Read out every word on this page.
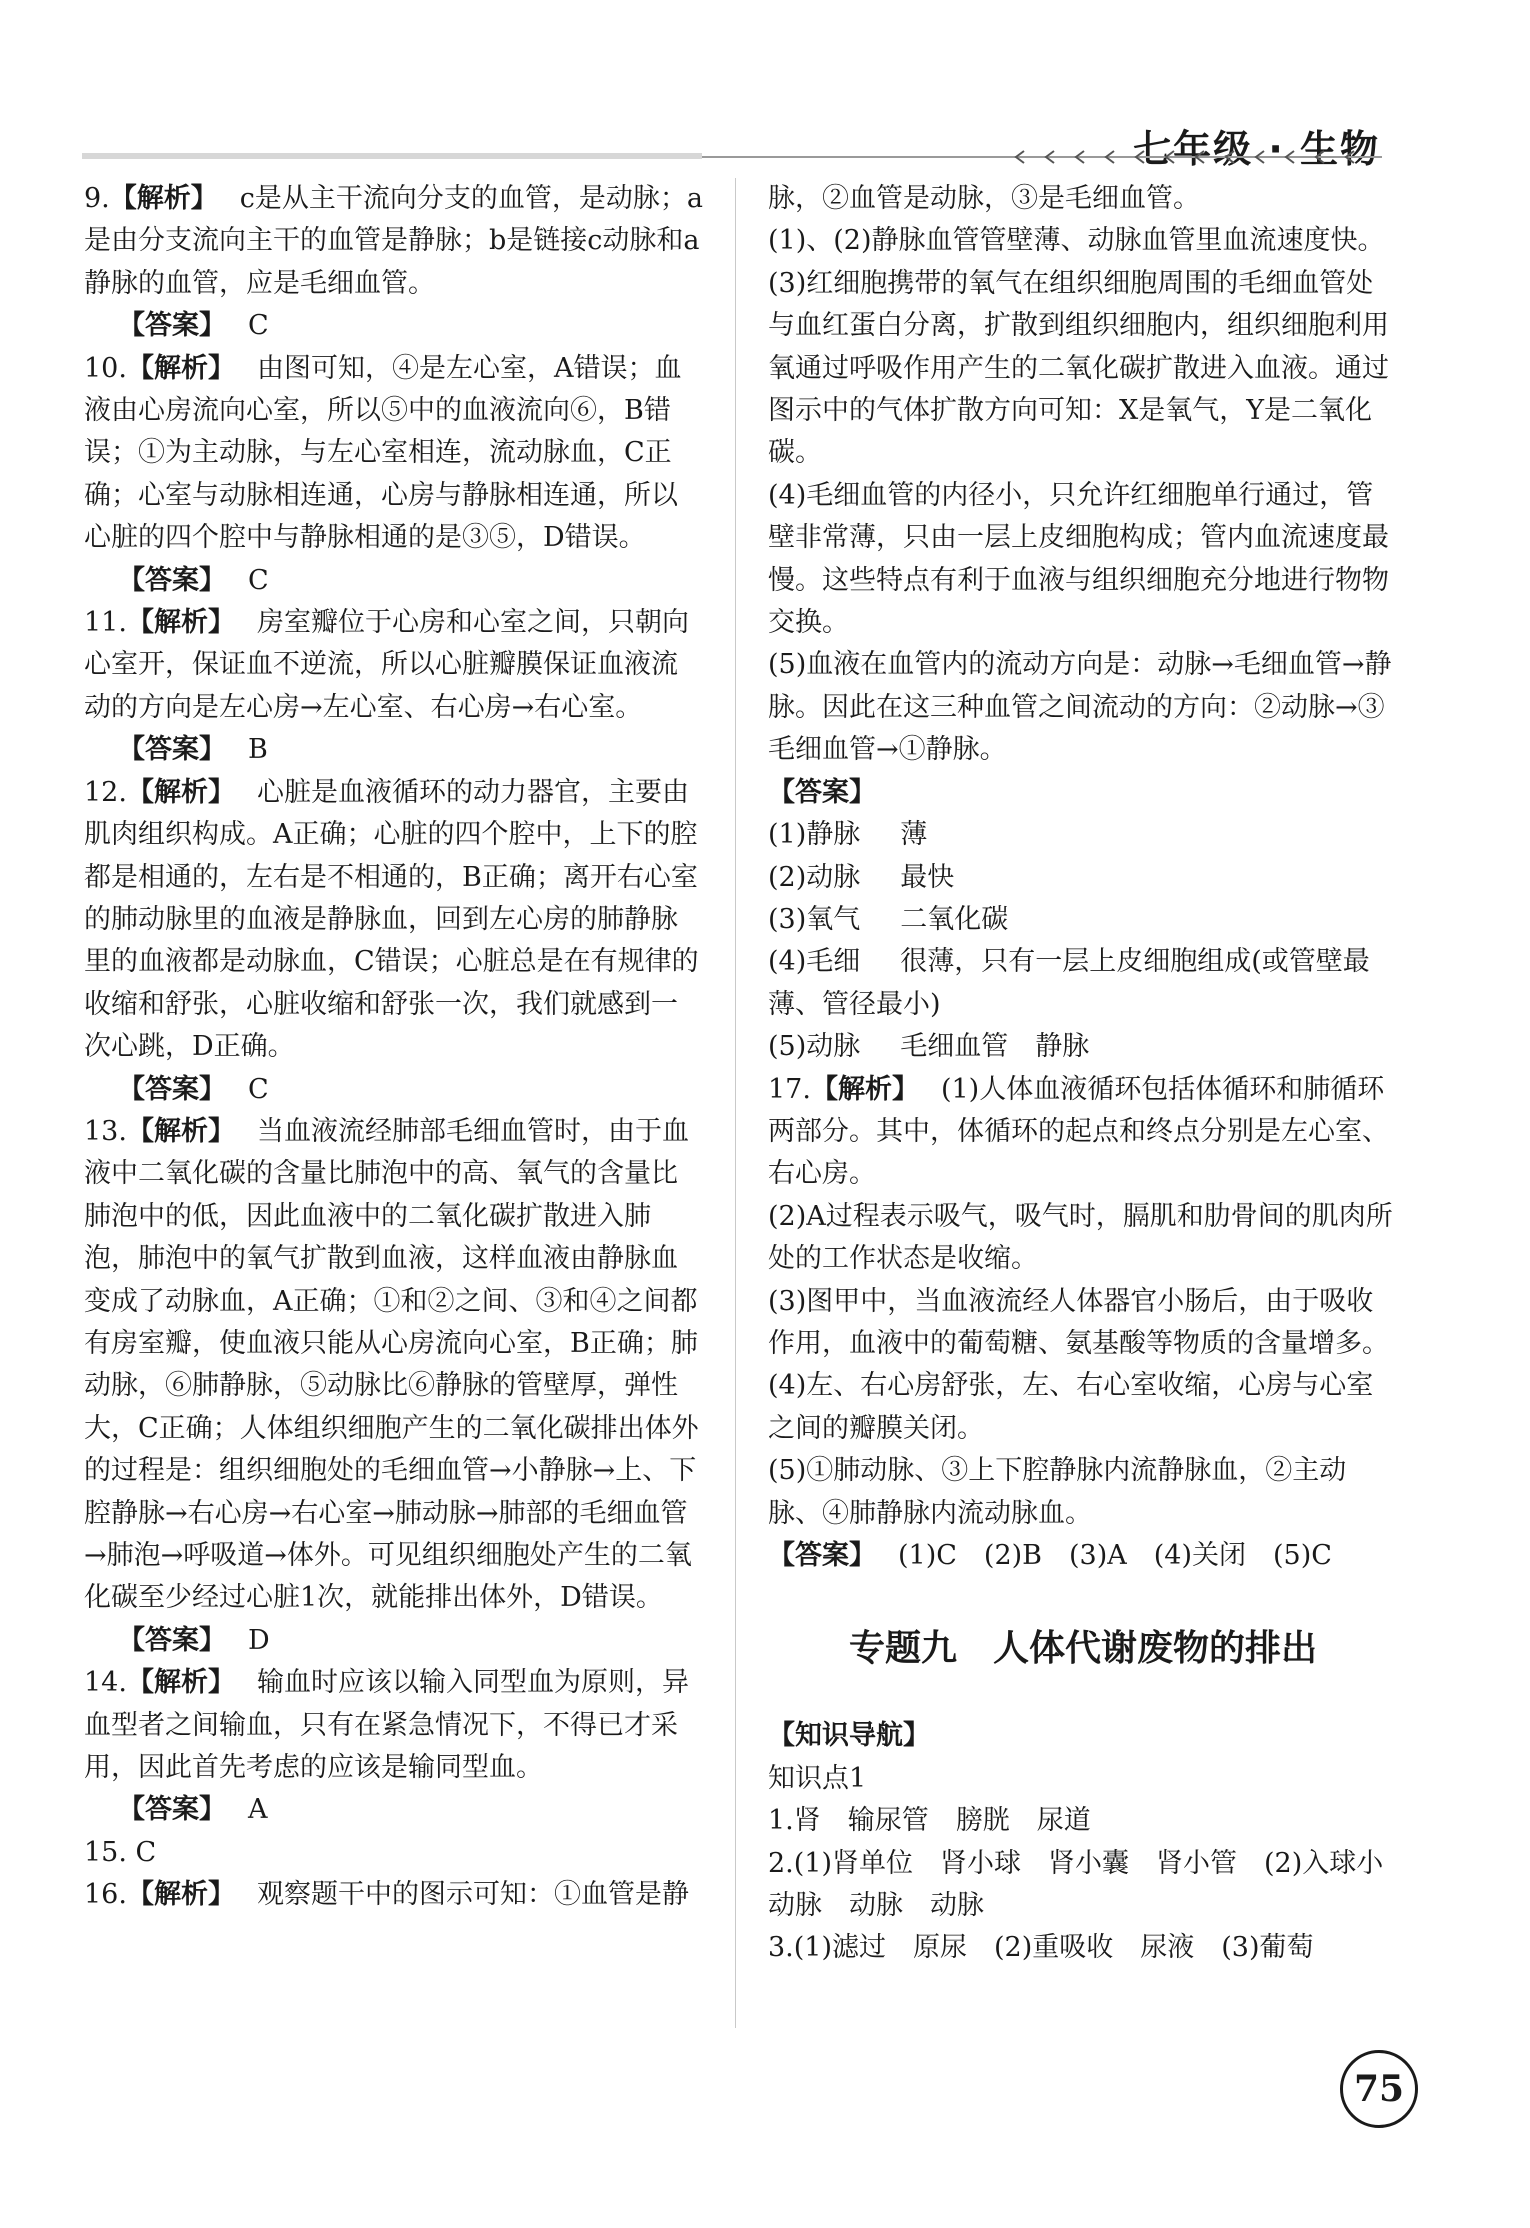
七年级 · 生物
9.【解析】 c是从主干流向分支的血管，是动脉；a是由分支流向主干的血管是静脉；b是链接c动脉和a静脉的血管，应是毛细血管。
【答案】 C
10.【解析】 由图可知，④是左心室，A错误；血液由心房流向心室，所以⑤中的血液流向⑥，B错误；①为主动脉，与左心室相连，流动脉血，C正确；心室与动脉相连通，心房与静脉相连通，所以心脏的四个腔中与静脉相通的是③⑤，D错误。
【答案】 C
11.【解析】 房室瓣位于心房和心室之间，只朝向心室开，保证血不逆流，所以心脏瓣膜保证血液流动的方向是左心房→左心室、右心房→右心室。
【答案】 B
12.【解析】 心脏是血液循环的动力器官，主要由肌肉组织构成。A正确；心脏的四个腔中，上下的腔都是相通的，左右是不相通的，B正确；离开右心室的肺动脉里的血液是静脉血，回到左心房的肺静脉里的血液都是动脉血，C错误；心脏总是在有规律的收缩和舒张，心脏收缩和舒张一次，我们就感到一次心跳，D正确。
【答案】 C
13.【解析】 当血液流经肺部毛细血管时，由于血液中二氧化碳的含量比肺泡中的高、氧气的含量比肺泡中的低，因此血液中的二氧化碳扩散进入肺泡，肺泡中的氧气扩散到血液，这样血液由静脉血变成了动脉血，A正确；①和②之间、③和④之间都有房室瓣，使血液只能从心房流向心室，B正确；肺动脉，⑥肺静脉，⑤动脉比⑥静脉的管壁厚，弹性大，C正确；人体组织细胞产生的二氧化碳排出体外的过程是：组织细胞处的毛细血管→小静脉→上、下腔静脉→右心房→右心室→肺动脉→肺部的毛细血管→肺泡→呼吸道→体外。可见组织细胞处产生的二氧化碳至少经过心脏1次，就能排出体外，D错误。
【答案】 D
14.【解析】 输血时应该以输入同型血为原则，异血型者之间输血，只有在紧急情况下，不得已才采用，因此首先考虑的应该是输同型血。
【答案】 A
15. C
16.【解析】 观察题干中的图示可知：①血管是静
脉，②血管是动脉，③是毛细血管。
(1)、(2)静脉血管管壁薄、动脉血管里血流速度快。
(3)红细胞携带的氧气在组织细胞周围的毛细血管处与血红蛋白分离，扩散到组织细胞内，组织细胞利用氧通过呼吸作用产生的二氧化碳扩散进入血液。通过图示中的气体扩散方向可知：X是氧气，Y是二氧化碳。
(4)毛细血管的内径小，只允许红细胞单行通过，管壁非常薄，只由一层上皮细胞构成；管内血流速度最慢。这些特点有利于血液与组织细胞充分地进行物物交换。
(5)血液在血管内的流动方向是：动脉→毛细血管→静脉。因此在这三种血管之间流动的方向：②动脉→③毛细血管→①静脉。
【答案】
(1)静脉 薄
(2)动脉 最快
(3)氧气 二氧化碳
(4)毛细 很薄，只有一层上皮细胞组成(或管壁最薄、管径最小)
(5)动脉 毛细血管　静脉
17.【解析】 (1)人体血液循环包括体循环和肺循环两部分。其中，体循环的起点和终点分别是左心室、右心房。
(2)A过程表示吸气，吸气时，膈肌和肋骨间的肌肉所处的工作状态是收缩。
(3)图甲中，当血液流经人体器官小肠后，由于吸收作用，血液中的葡萄糖、氨基酸等物质的含量增多。
(4)左、右心房舒张，左、右心室收缩，心房与心室之间的瓣膜关闭。
(5)①肺动脉、③上下腔静脉内流静脉血，②主动脉、④肺静脉内流动脉血。
【答案】 (1)C　(2)B　(3)A　(4)关闭　(5)C
专题九　人体代谢废物的排出
【知识导航】
知识点1
1.肾　输尿管　膀胱　尿道
2.(1)肾单位　肾小球　肾小囊　肾小管　(2)入球小动脉　动脉　动脉
3.(1)滤过　原尿　(2)重吸收　尿液　(3)葡萄
75
